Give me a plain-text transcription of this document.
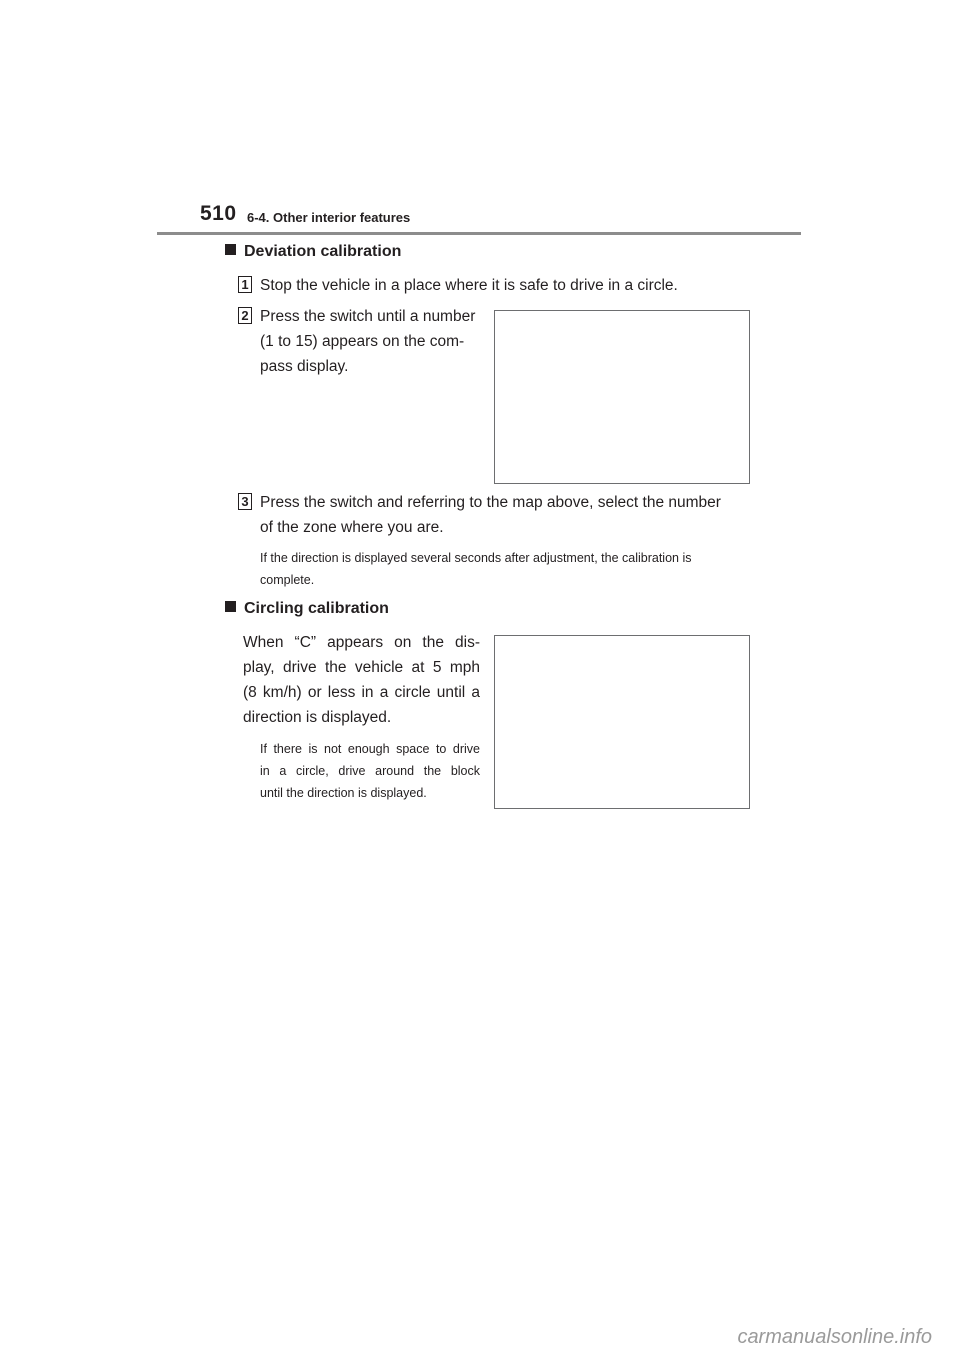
510 6-4. Other interior features
Deviation calibration
1 Stop the vehicle in a place where it is safe to drive in a circle.
2 Press the switch until a number
(1 to 15) appears on the com-
pass display.
3 Press the switch and referring to the map above, select the number
of the zone where you are.
If the direction is displayed several seconds after adjustment, the calibration is
complete.
Circling calibration
When “C” appears on the dis-
play, drive the vehicle at 5 mph
(8 km/h) or less in a circle until a
direction is displayed.
If there is not enough space to drive
in a circle, drive around the block
until the direction is displayed.
carmanualsonline.info
